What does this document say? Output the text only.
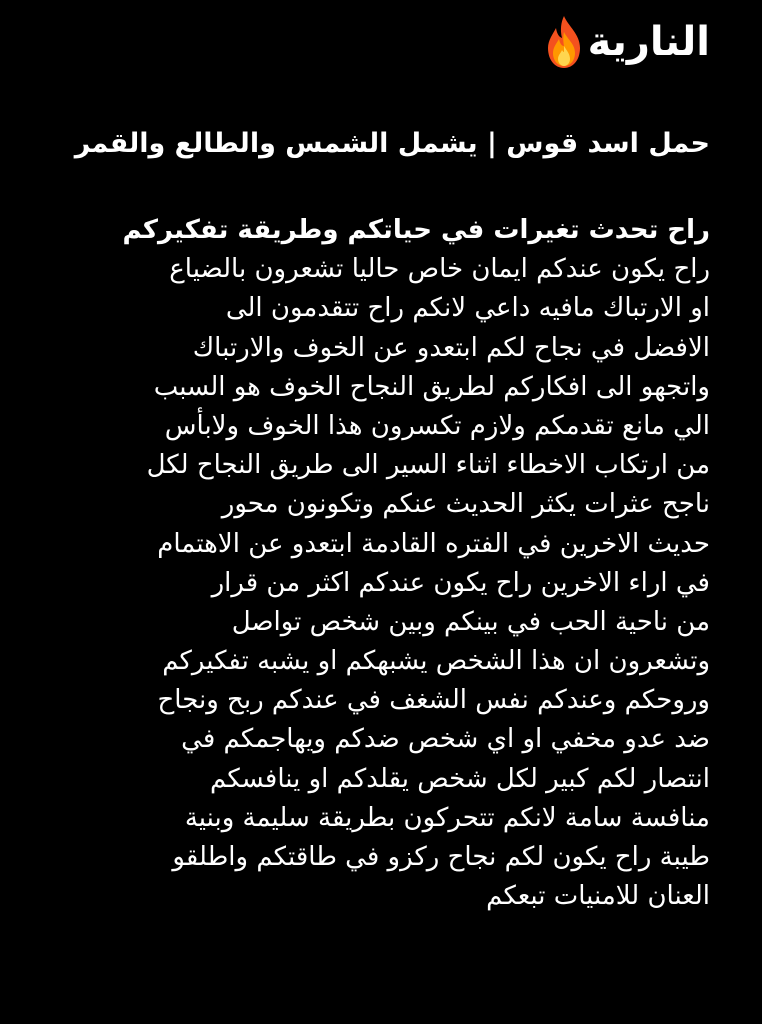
النارية
حمل اسد قوس | يشمل الشمس والطالع والقمر
راح تحدث تغيرات في حياتكم وطريقة تفكيركم
راح يكون عندكم ايمان خاص حاليا تشعرون بالضياع
او الارتباك مافيه داعي لانكم راح تتقدمون الى
الافضل في نجاح لكم ابتعدو عن الخوف والارتباك
واتجهو الى افكاركم لطريق النجاح الخوف هو السبب
الي مانع تقدمكم ولازم تكسرون هذا الخوف ولابأس
من ارتكاب الاخطاء اثناء السير الى طريق النجاح لكل
ناجح عثرات يكثر الحديث عنكم وتكونون محور
حديث الاخرين في الفتره القادمة ابتعدو عن الاهتمام
في اراء الاخرين راح يكون عندكم اكثر من قرار
من ناحية الحب في بينكم وبين شخص تواصل
وتشعرون ان هذا الشخص يشبهكم او يشبه تفكيركم
وروحكم وعندكم نفس الشغف في عندكم ربح ونجاح
ضد عدو مخفي او اي شخص ضدكم ويهاجمكم في
انتصار لكم كبير لكل شخص يقلدكم او ينافسكم
منافسة سامة لانكم تتحركون بطريقة سليمة وبنية
طيبة راح يكون لكم نجاح ركزو في طاقتكم واطلقو
العنان للامنيات تبعكم
